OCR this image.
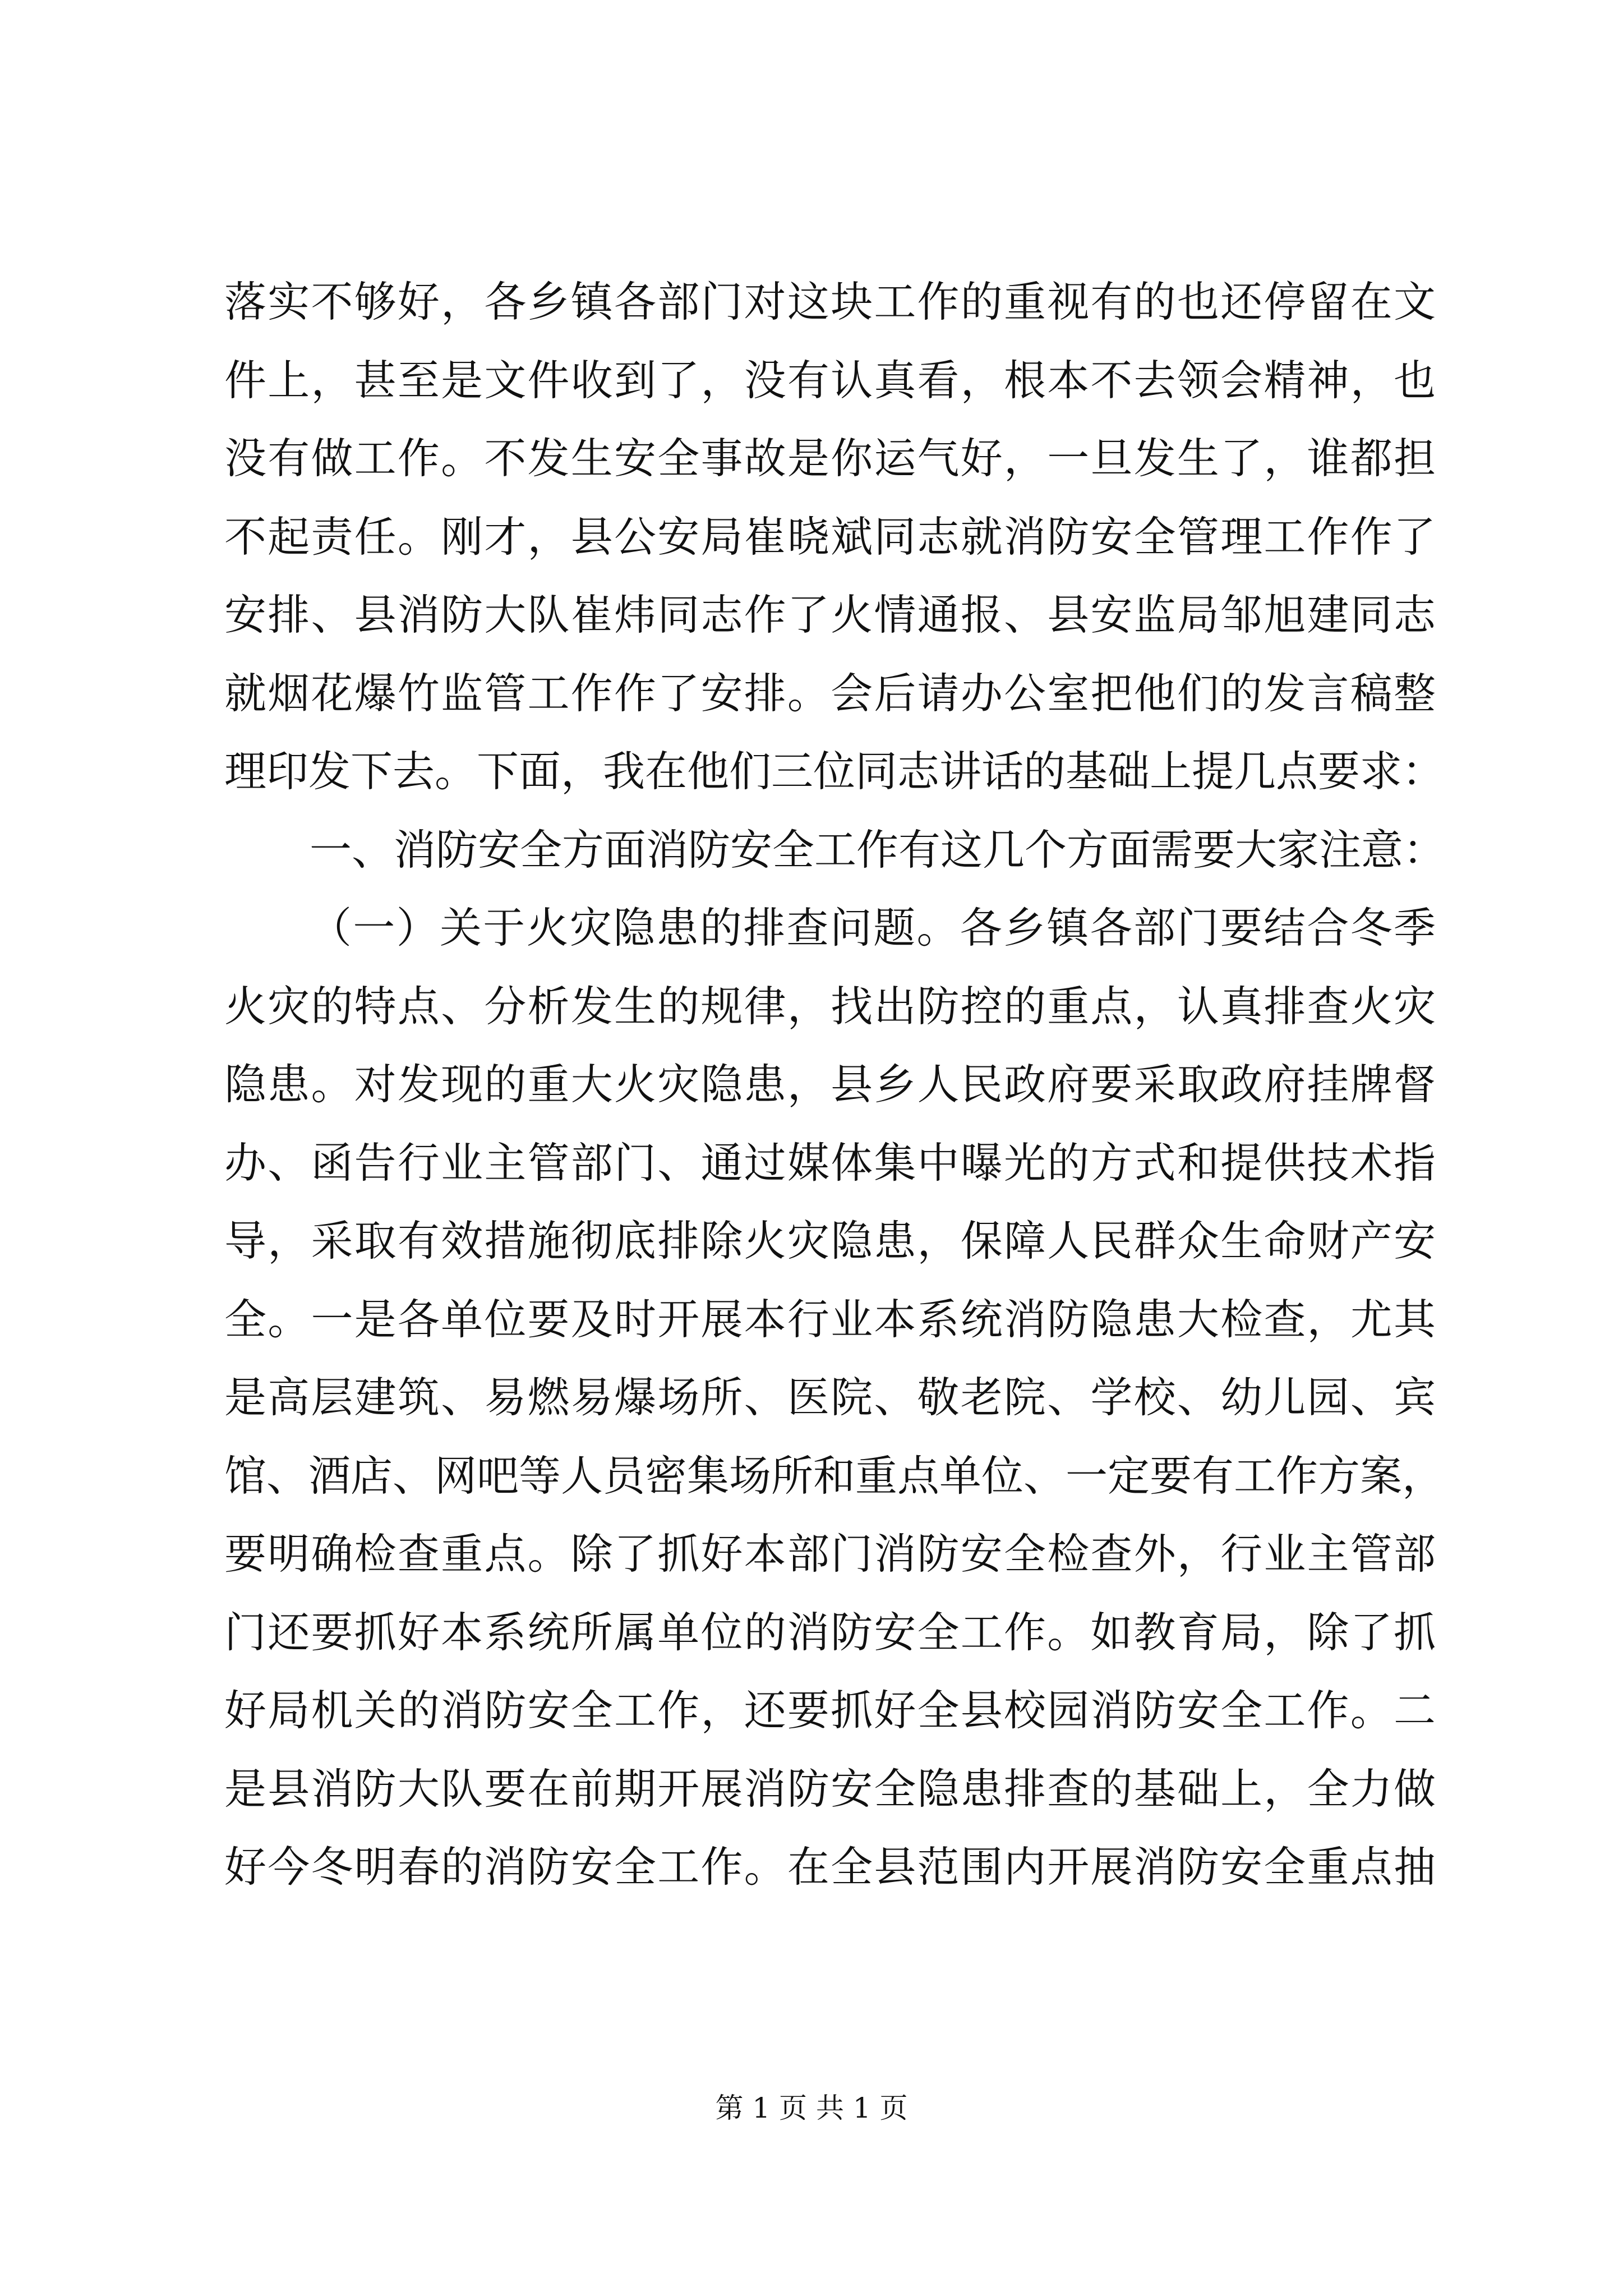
落实不够好，各乡镇各部门对这块工作的重视有的也还停留在文
件上，甚至是文件收到了，没有认真看，根本不去领会精神，也
没有做工作。不发生安全事故是你运气好，一旦发生了，谁都担
不起责任。刚才，县公安局崔晓斌同志就消防安全管理工作作了
安排、县消防大队崔炜同志作了火情通报、县安监局邹旭建同志
就烟花爆竹监管工作作了安排。会后请办公室把他们的发言稿整
理印发下去。下面，我在他们三位同志讲话的基础上提几点要求：
一、消防安全方面消防安全工作有这几个方面需要大家注意：
（一）关于火灾隐患的排查问题。各乡镇各部门要结合冬季
火灾的特点、分析发生的规律，找出防控的重点，认真排查火灾
隐患。对发现的重大火灾隐患，县乡人民政府要采取政府挂牌督
办、函告行业主管部门、通过媒体集中曝光的方式和提供技术指
导，采取有效措施彻底排除火灾隐患，保障人民群众生命财产安
全。一是各单位要及时开展本行业本系统消防隐患大检查，尤其
是高层建筑、易燃易爆场所、医院、敬老院、学校、幼儿园、宾
馆、酒店、网吧等人员密集场所和重点单位、一定要有工作方案，
要明确检查重点。除了抓好本部门消防安全检查外，行业主管部
门还要抓好本系统所属单位的消防安全工作。如教育局，除了抓
好局机关的消防安全工作，还要抓好全县校园消防安全工作。二
是县消防大队要在前期开展消防安全隐患排查的基础上，全力做
好今冬明春的消防安全工作。在全县范围内开展消防安全重点抽
第 1 页 共 1 页
